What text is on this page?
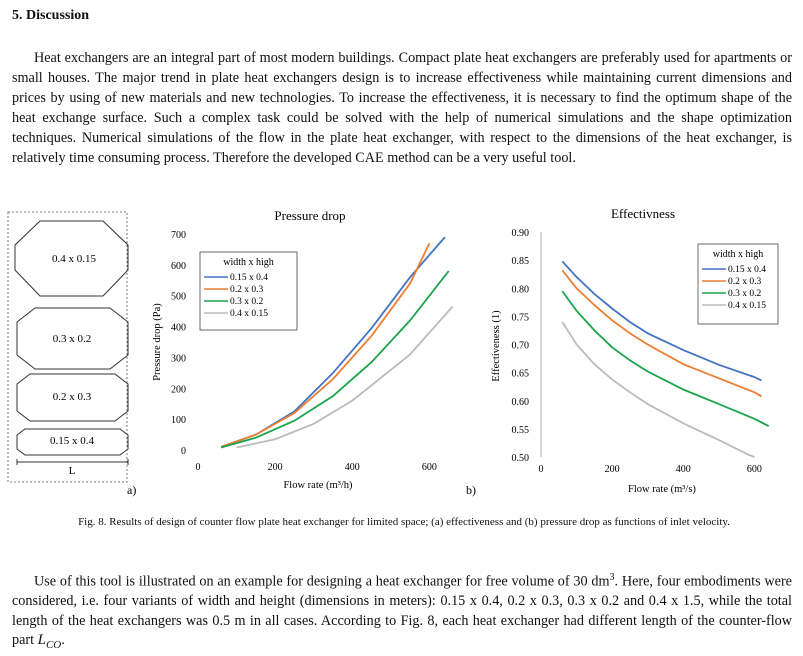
5. Discussion
Heat exchangers are an integral part of most modern buildings. Compact plate heat exchangers are preferably used for apartments or small houses. The major trend in plate heat exchangers design is to increase effectiveness while maintaining current dimensions and prices by using of new materials and new technologies. To increase the effectiveness, it is necessary to find the optimum shape of the heat exchange surface. Such a complex task could be solved with the help of numerical simulations and the shape optimization techniques. Numerical simulations of the flow in the plate heat exchanger, with respect to the dimensions of the heat exchanger, is relatively time consuming process. Therefore the developed CAE method can be a very useful tool.
0.4 x 0.15
0.3 x 0.2
0.2 x 0.3
0.15 x 0.4
L
a)	b)
Pressure drop
0
100
200
300
400
500
600
700
0	200	400	600
Flow rate (m³/h)
Pressure drop (Pa)
width x high
0.15 x 0.4
0.2 x 0.3
0.3 x 0.2
0.4 x 0.15
Effectivness
0.50
0.55
0.60
0.65
0.70
0.75
0.80
0.85
0.90
0	200	400	600
Flow rate (m³/s)
Effectiveness (1)
width x high
0.15 x 0.4
0.2 x 0.3
0.3 x 0.2
0.4 x 0.15
Fig. 8. Results of design of counter flow plate heat exchanger for limited space; (a) effectiveness and (b) pressure drop as functions of inlet velocity.
Use of this tool is illustrated on an example for designing a heat exchanger for free volume of 30 $dm^3$. Here, four embodiments were considered, i.e. four variants of width and height (dimensions in meters): 0.15 x 0.4, 0.2 x 0.3, 0.3 x 0.2 and 0.4 x 1.5, while the total length of the heat exchangers was 0.5 m in all cases. According to Fig. 8, each heat exchanger had different length of the counter-flow part $L_{CO}$.
